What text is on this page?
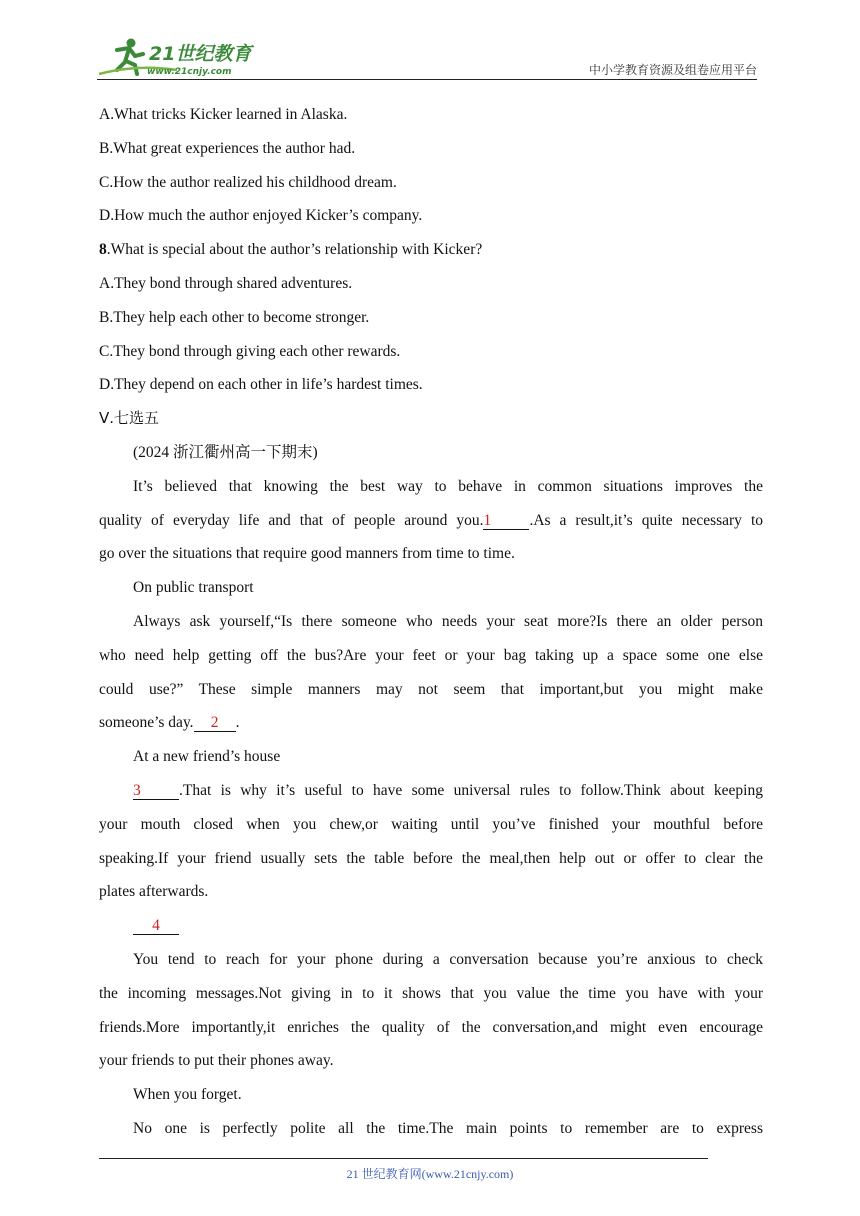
21世纪教育
www.21cnjy.com	中小学教育资源及组卷应用平台
A.What tricks Kicker learned in Alaska.
B.What great experiences the author had.
C.How the author realized his childhood dream.
D.How much the author enjoyed Kicker’s company.
8.What is special about the author’s relationship with Kicker?
A.They bond through shared adventures.
B.They help each other to become stronger.
C.They bond through giving each other rewards.
D.They depend on each other in life’s hardest times.
Ⅴ.七选五
(2024 浙江衢州高一下期末)
It’s believed that knowing the best way to behave in common situations improves the
quality of everyday life and that of people around you.1 .As a result,it’s quite necessary to
go over the situations that require good manners from time to time.
On public transport
Always ask yourself,“Is there someone who needs your seat more?Is there an older person
who need help getting off the bus?Are your feet or your bag taking up a space some one else
could use?” These simple manners may not seem that important,but you might make
someone’s day. 2 .
At a new friend’s house
3 .That is why it’s useful to have some universal rules to follow.Think about keeping
your mouth closed when you chew,or waiting until you’ve finished your mouthful before
speaking.If your friend usually sets the table before the meal,then help out or offer to clear the
plates afterwards.
4
You tend to reach for your phone during a conversation because you’re anxious to check
the incoming messages.Not giving in to it shows that you value the time you have with your
friends.More importantly,it enriches the quality of the conversation,and might even encourage
your friends to put their phones away.
When you forget.
No one is perfectly polite all the time.The main points to remember are to express
21 世纪教育网(www.21cnjy.com)
